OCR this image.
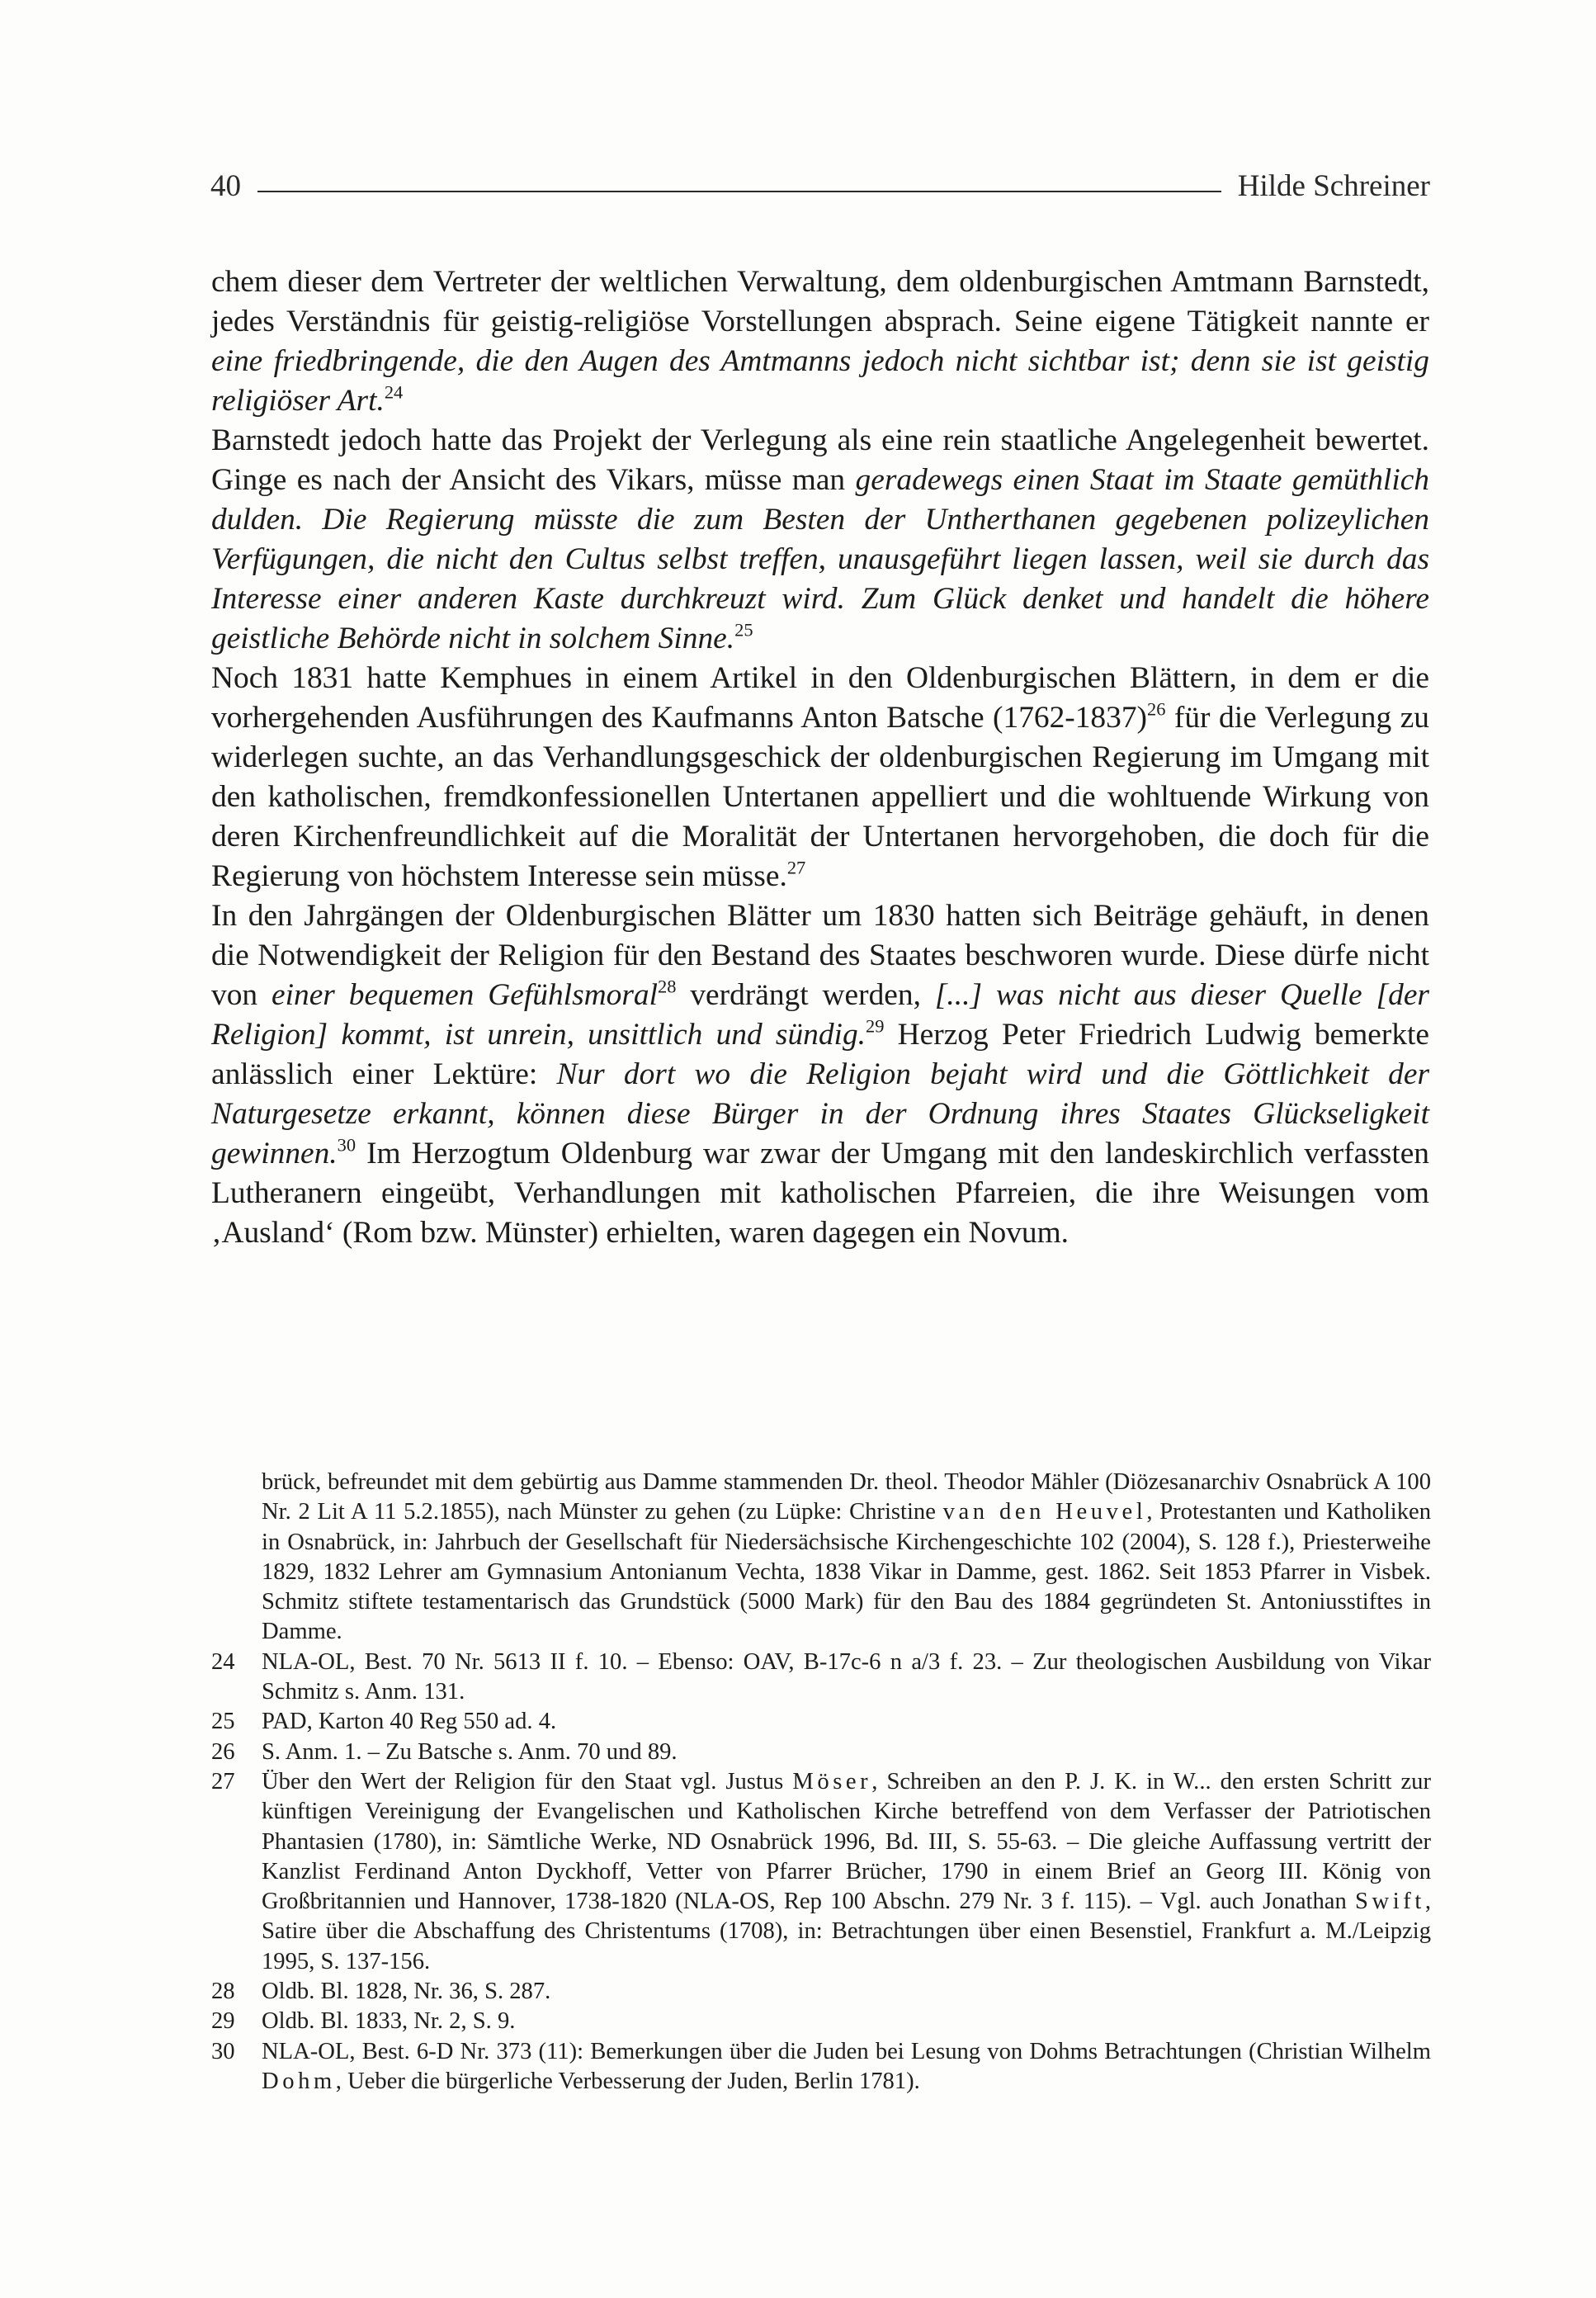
40	Hilde Schreiner

chem dieser dem Vertreter der weltlichen Verwaltung, dem oldenburgischen Amtmann Barnstedt, jedes Verständnis für geistig-religiöse Vorstellungen absprach. Seine eigene Tätigkeit nannte er eine friedbringende, die den Augen des Amtmanns jedoch nicht sichtbar ist; denn sie ist geistig religiöser Art.$^{24}$

Barnstedt jedoch hatte das Projekt der Verlegung als eine rein staatliche Angelegenheit bewertet. Ginge es nach der Ansicht des Vikars, müsse man geradewegs einen Staat im Staate gemüthlich dulden. Die Regierung müsste die zum Besten der Untherthanen gegebenen polizeylichen Verfügungen, die nicht den Cultus selbst treffen, unausgeführt liegen lassen, weil sie durch das Interesse einer anderen Kaste durchkreuzt wird. Zum Glück denket und handelt die höhere geistliche Behörde nicht in solchem Sinne.$^{25}$

Noch 1831 hatte Kemphues in einem Artikel in den Oldenburgischen Blättern, in dem er die vorhergehenden Ausführungen des Kaufmanns Anton Batsche (1762-​1837)$^{26}$ für die Verlegung zu widerlegen suchte, an das Verhandlungsgeschick der oldenburgischen Regierung im Umgang mit den katholischen, fremdkonfessionellen Untertanen appelliert und die wohltuende Wirkung von deren Kirchenfreundlichkeit auf die Moralität der Untertanen hervorgehoben, die doch für die Regierung von höchstem Interesse sein müsse.$^{27}$

In den Jahrgängen der Oldenburgischen Blätter um 1830 hatten sich Beiträge gehäuft, in denen die Notwendigkeit der Religion für den Bestand des Staates beschworen wurde. Diese dürfe nicht von einer bequemen Gefühlsmoral$^{28}$ verdrängt werden, [...] was nicht aus dieser Quelle [der Religion] kommt, ist unrein, unsittlich und sündig.$^{29}$ Herzog Peter Friedrich Ludwig bemerkte anlässlich einer Lektüre: Nur dort wo die Religion bejaht wird und die Göttlichkeit der Naturgesetze erkannt, können diese Bürger in der Ordnung ihres Staates Glückseligkeit gewinnen.$^{30}$ Im Herzogtum Oldenburg war zwar der Umgang mit den landeskirchlich verfassten Lutheranern eingeübt, Verhandlungen mit katholischen Pfarreien, die ihre Weisungen vom ‚Ausland‘ (Rom bzw. Münster) erhielten, waren dagegen ein Novum.

brück, befreundet mit dem gebürtig aus Damme stammenden Dr. theol. Theodor Mähler (Diözesanarchiv Osnabrück A 100 Nr. 2 Lit A 11 5.2.1855), nach Münster zu gehen (zu Lüpke: Christine van den Heuvel, Protestanten und Katholiken in Osnabrück, in: Jahrbuch der Gesellschaft für Niedersächsische Kirchengeschichte 102 (2004), S. 128 f.), Priesterweihe 1829, 1832 Lehrer am Gymnasium Antonianum Vechta, 1838 Vikar in Damme, gest. 1862. Seit 1853 Pfarrer in Visbek. Schmitz stiftete testamentarisch das Grundstück (5000 Mark) für den Bau des 1884 gegründeten St. Antoniusstiftes in Damme.
24	NLA-OL, Best. 70 Nr. 5613 II f. 10. – Ebenso: OAV, B-17c-6 n a/3 f. 23. – Zur theologischen Ausbildung von Vikar Schmitz s. Anm. 131.
25	PAD, Karton 40 Reg 550 ad. 4.
26	S. Anm. 1. – Zu Batsche s. Anm. 70 und 89.
27	Über den Wert der Religion für den Staat vgl. Justus Möser, Schreiben an den P. J. K. in W... den ersten Schritt zur künftigen Vereinigung der Evangelischen und Katholischen Kirche betreffend von dem Verfasser der Patriotischen Phantasien (1780), in: Sämtliche Werke, ND Osnabrück 1996, Bd. III, S. 55-63. – Die gleiche Auffassung vertritt der Kanzlist Ferdinand Anton Dyckhoff, Vetter von Pfarrer Brücher, 1790 in einem Brief an Georg III. König von Großbritannien und Hannover, 1738-1820 (NLA-OS, Rep 100 Abschn. 279 Nr. 3 f. 115). – Vgl. auch Jonathan Swift, Satire über die Abschaffung des Christentums (1708), in: Betrachtungen über einen Besenstiel, Frankfurt a. M./Leipzig 1995, S. 137-156.
28	Oldb. Bl. 1828, Nr. 36, S. 287.
29	Oldb. Bl. 1833, Nr. 2, S. 9.
30	NLA-OL, Best. 6-D Nr. 373 (11): Bemerkungen über die Juden bei Lesung von Dohms Betrachtungen (Christian Wilhelm Dohm, Ueber die bürgerliche Verbesserung der Juden, Berlin 1781).
